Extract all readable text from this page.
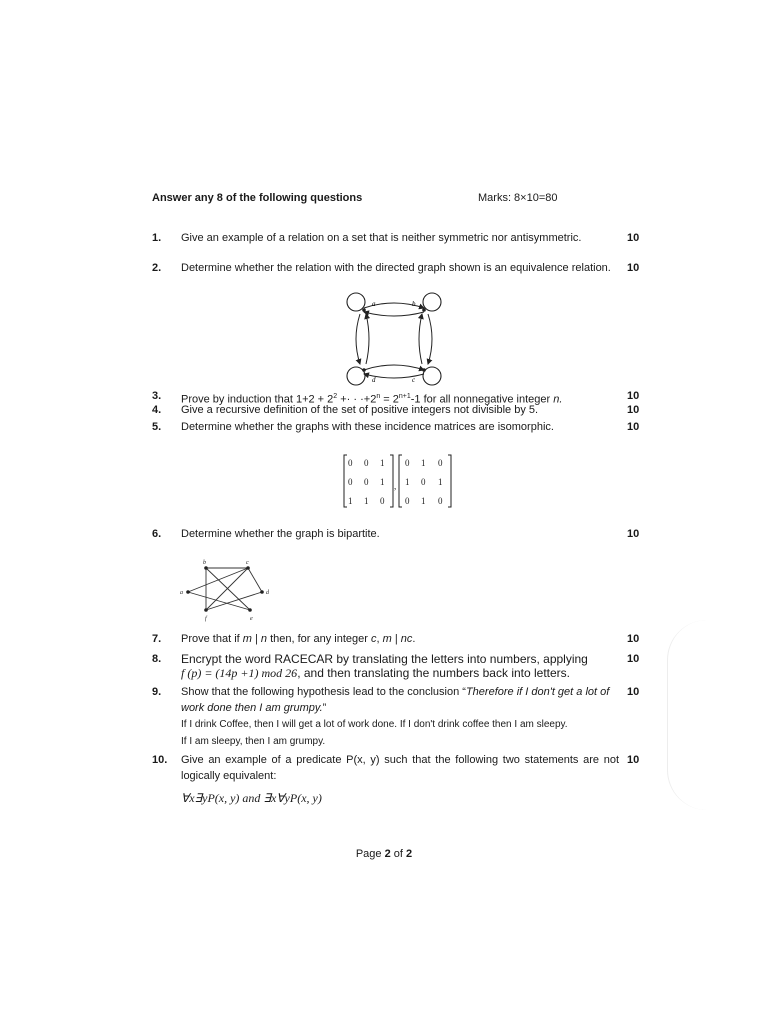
Answer any 8 of the following questions	Marks: 8×10=80
1.	Give an example of a relation on a set that is neither symmetric nor antisymmetric.	10
2.	Determine whether the relation with the directed graph shown is an equivalence relation.	10
a	b
c
d
3.	Prove by induction that $1+2 + 2^2$ +· · $\cdot+2^n = 2^{n+1}-1$ for all nonnegative integer n.	10
4.	Give a recursive definition of the set of positive integers not divisible by 5.	10
5.	Determine whether the graphs with these incidence matrices are isomorphic.	10
0 0 1
0 0 1
1 1 0
,
0 1 0
1 0 1
0 1 0
6.	Determine whether the graph is bipartite.	10
a
b	c
d
e
f
7.	Prove that if m | n then, for any integer c, m | nc.	10
8.	Encrypt the word RACECAR by translating the letters into numbers, applying
f (p) = (14p +1) mod 26, and then translating the numbers back into letters.
10
9.	Show that the following hypothesis lead to the conclusion “Therefore if I don't get a lot of work done then I am grumpy.”
If I drink Coffee, then I will get a lot of work done. If I don't drink coffee then I am sleepy.
If I am sleepy, then I am grumpy.
10
10.	Give an example of a predicate P(x, y) such that the following two statements are not logically equivalent:
∀x∃yP(x, y) and ∃x∀yP(x, y)
10
Page 2 of 2
